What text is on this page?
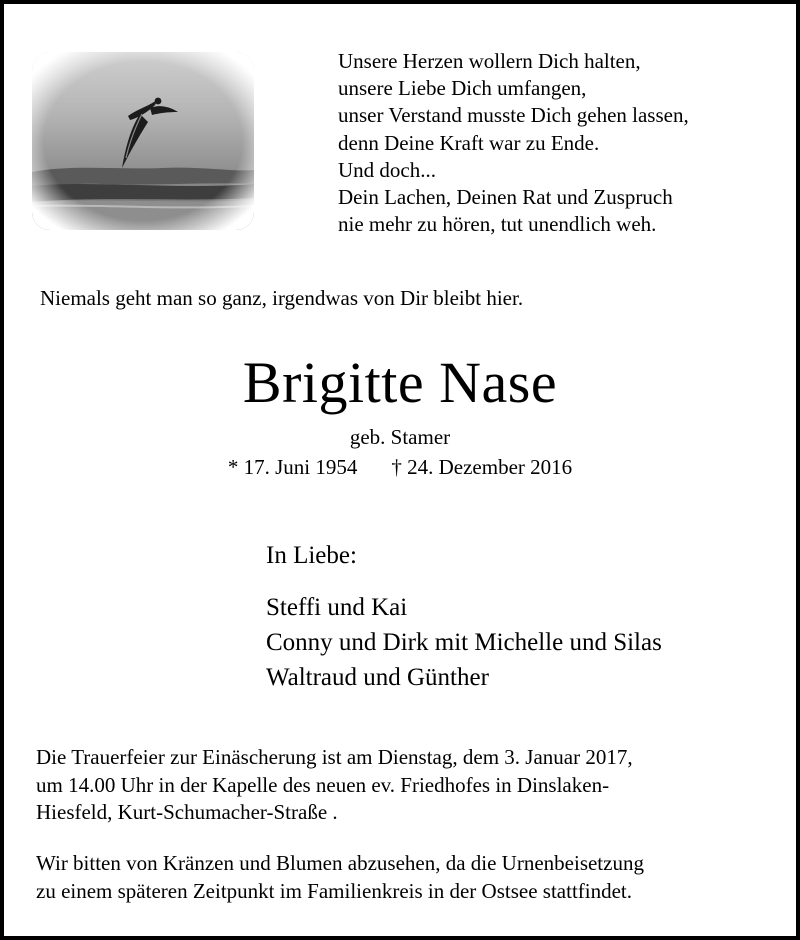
Unsere Herzen wollern Dich halten,
unsere Liebe Dich umfangen,
unser Verstand musste Dich gehen lassen,
denn Deine Kraft war zu Ende.
Und doch...
Dein Lachen, Deinen Rat und Zuspruch
nie mehr zu hören, tut unendlich weh.
Niemals geht man so ganz, irgendwas von Dir bleibt hier.
Brigitte Nase
geb. Stamer
* 17. Juni 1954 † 24. Dezember 2016
In Liebe:
Steffi und Kai
Conny und Dirk mit Michelle und Silas
Waltraud und Günther
Die Trauerfeier zur Einäscherung ist am Dienstag, dem 3. Januar 2017,
um 14.00 Uhr in der Kapelle des neuen ev. Friedhofes in Dinslaken-
Hiesfeld, Kurt-Schumacher-Straße .
Wir bitten von Kränzen und Blumen abzusehen, da die Urnenbeisetzung
zu einem späteren Zeitpunkt im Familienkreis in der Ostsee stattfindet.
